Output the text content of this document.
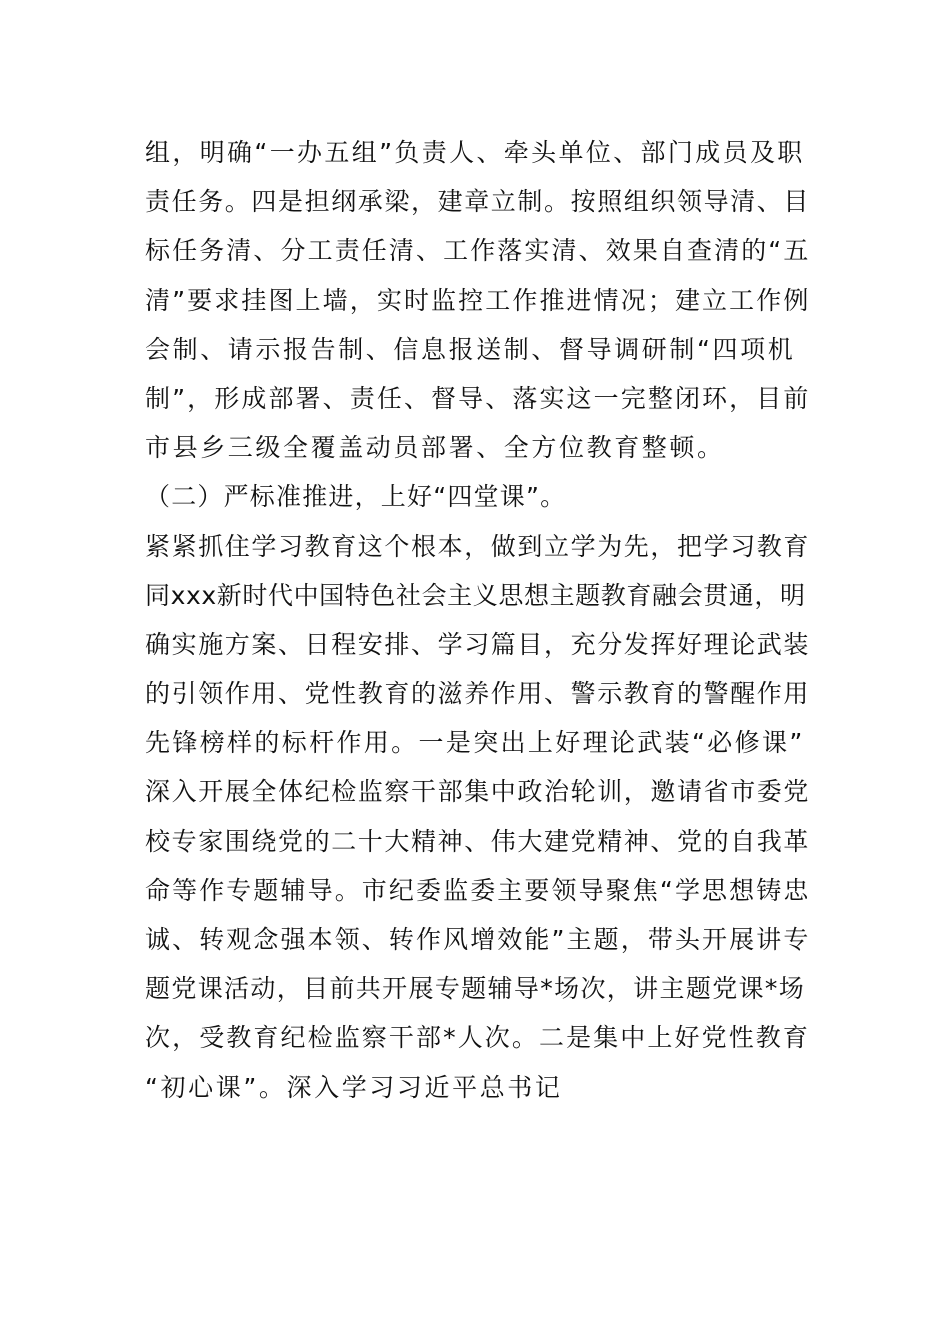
组，明确“一办五组”负责人、牵头单位、部门成员及职
责任务。四是担纲承梁，建章立制。按照组织领导清、目
标任务清、分工责任清、工作落实清、效果自查清的“五
清”要求挂图上墙，实时监控工作推进情况；建立工作例
会制、请示报告制、信息报送制、督导调研制“四项机
制”，形成部署、责任、督导、落实这一完整闭环，目前
市县乡三级全覆盖动员部署、全方位教育整顿。
（二）严标准推进，上好“四堂课”。
紧紧抓住学习教育这个根本，做到立学为先，把学习教育
同xxx新时代中国特色社会主义思想主题教育融会贯通，明
确实施方案、日程安排、学习篇目，充分发挥好理论武装
的引领作用、党性教育的滋养作用、警示教育的警醒作用
先锋榜样的标杆作用。一是突出上好理论武装“必修课”
深入开展全体纪检监察干部集中政治轮训，邀请省市委党
校专家围绕党的二十大精神、伟大建党精神、党的自我革
命等作专题辅导。市纪委监委主要领导聚焦“学思想铸忠
诚、转观念强本领、转作风增效能”主题，带头开展讲专
题党课活动，目前共开展专题辅导*场次，讲主题党课*场
次，受教育纪检监察干部*人次。二是集中上好党性教育
“初心课”。深入学习习近平总书记
